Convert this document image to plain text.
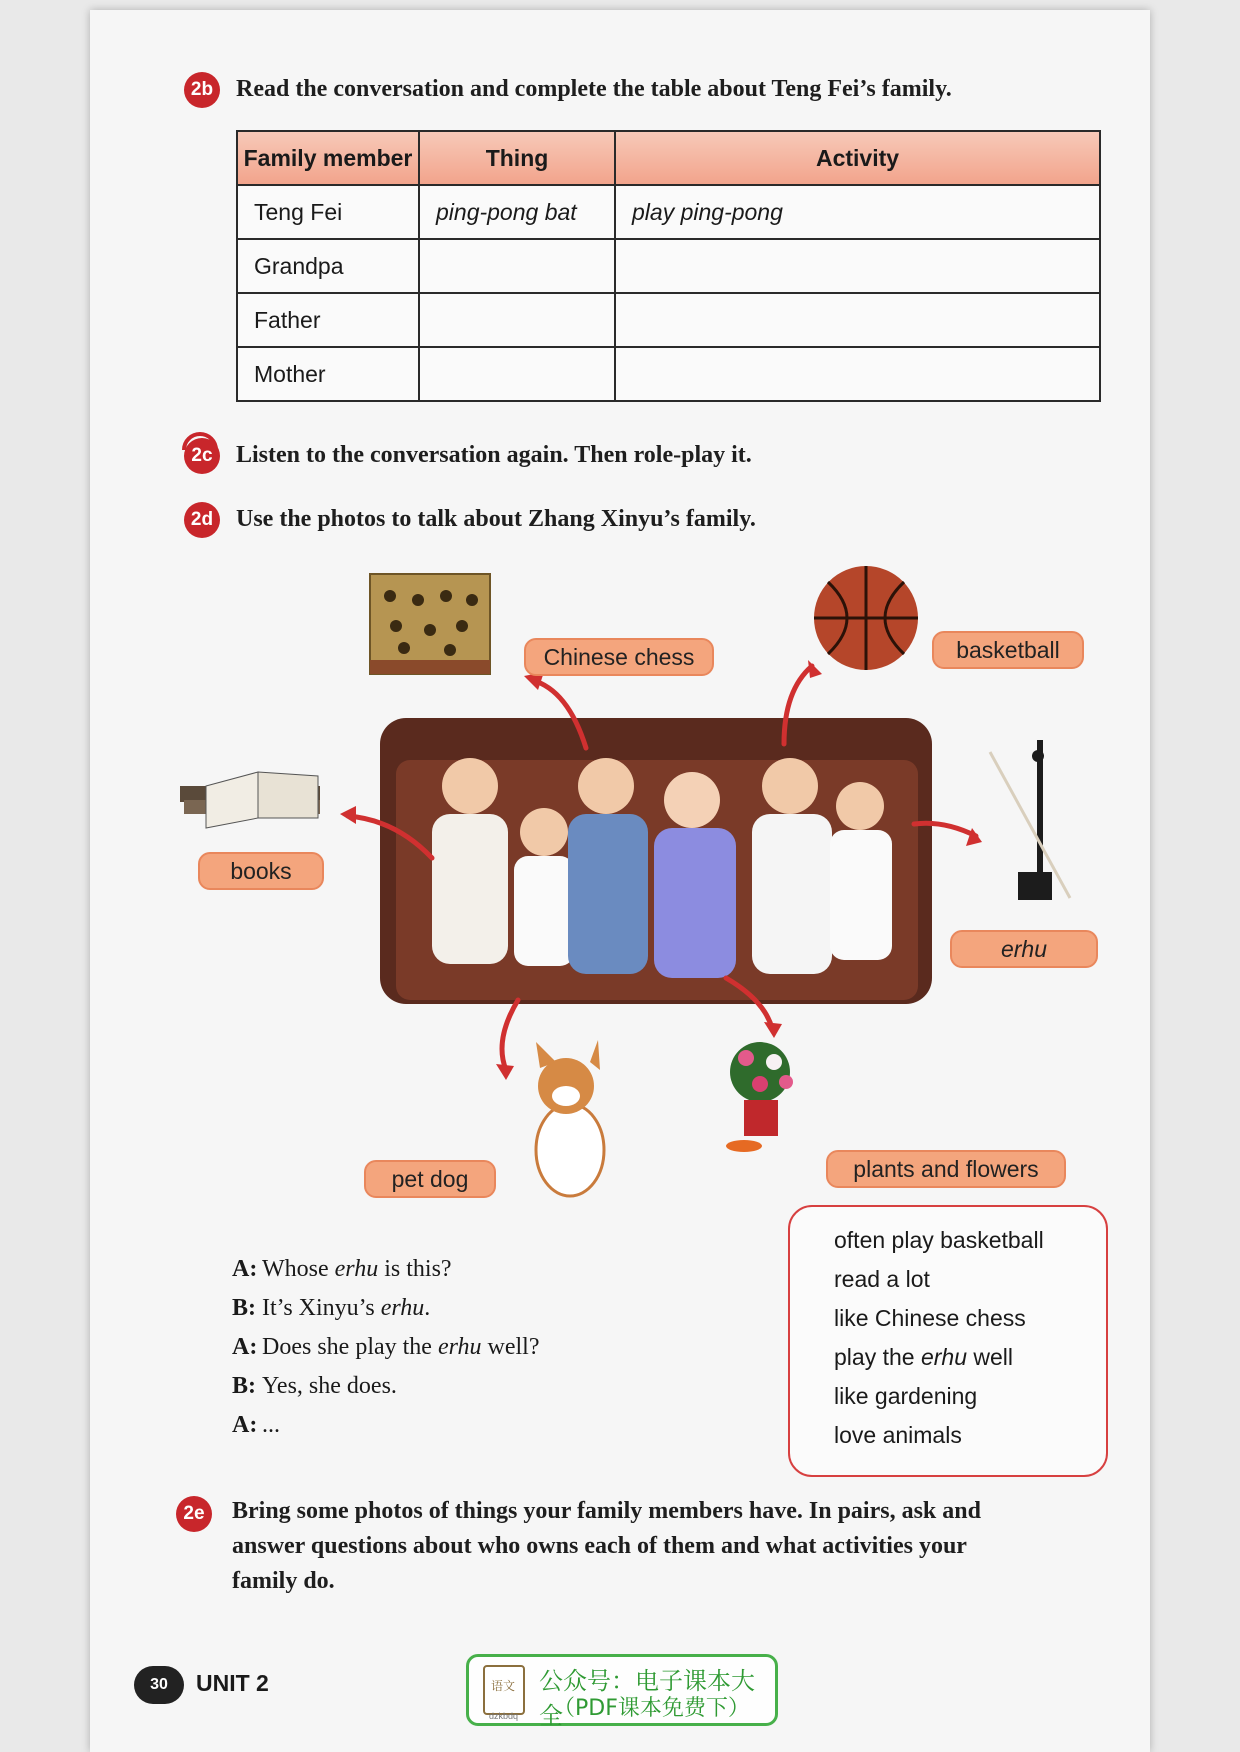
2b Read the conversation and complete the table about Teng Fei’s family.
Family member	Thing	Activity
Teng Fei	ping-pong bat	play ping-pong
Grandpa		
Father		
Mother		
2c Listen to the conversation again. Then role-play it.
2d Use the photos to talk about Zhang Xinyu’s family.
Chinese chess	basketball
books
erhu
pet dog	plants and flowers
A: Whose erhu is this?
B: It’s Xinyu’s erhu.
A: Does she play the erhu well?
B: Yes, she does.
A: ...
often play basketball
read a lot
like Chinese chess
play the erhu well
like gardening
love animals
2e	Bring some photos of things your family members have. In pairs, ask and
answer questions about who owns each of them and what activities your
family do.
30	UNIT 2	语文
dzkbdq
公众号：电子课本大全
（PDF课本免费下）
